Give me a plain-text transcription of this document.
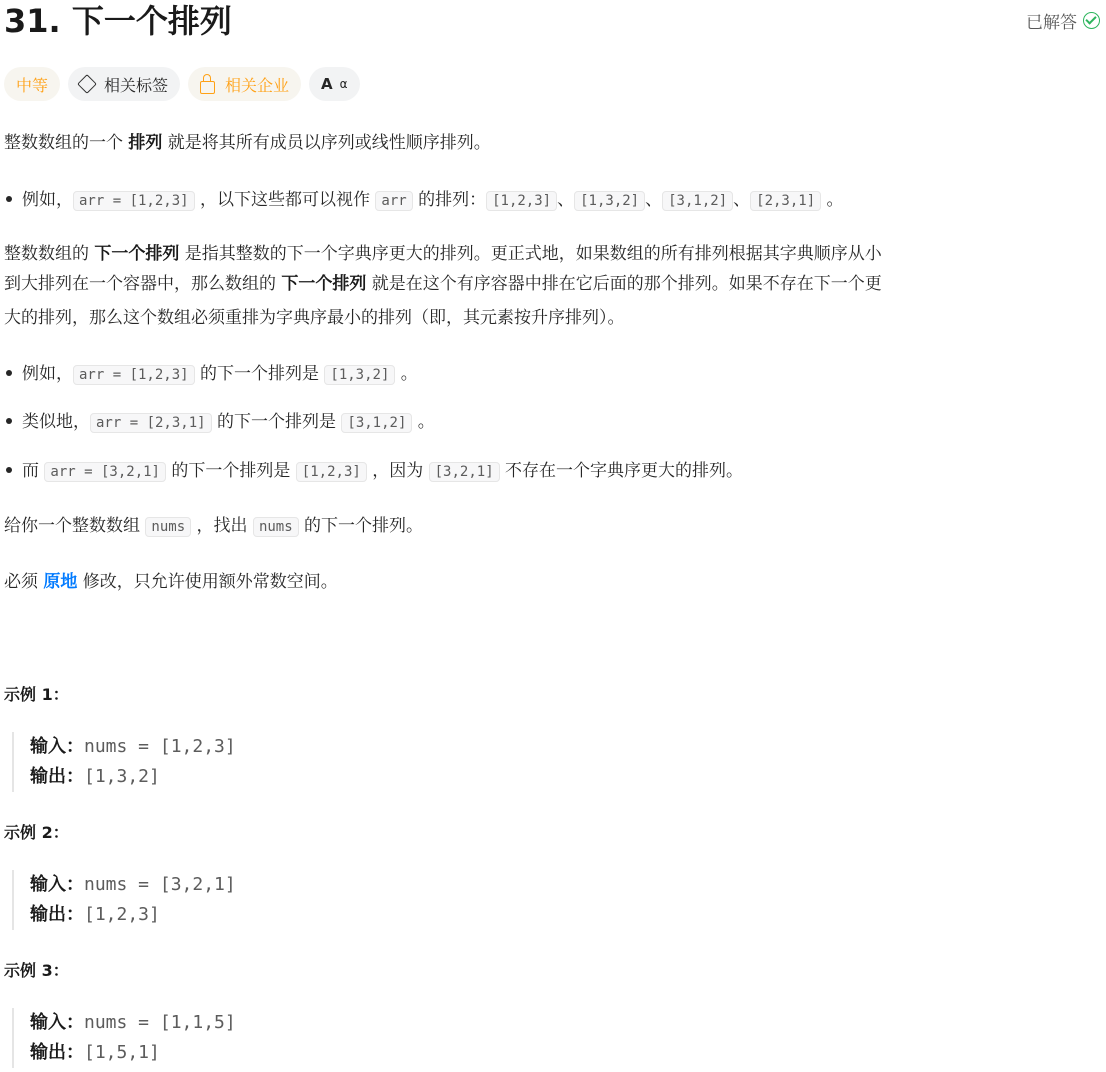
31. 下一个排列	已解答
中等	相关标签	相关企业 A α
整数数组的一个 排列 就是将其所有成员以序列或线性顺序排列。
例如， arr = [1,2,3] ，以下这些都可以视作 arr 的排列： [1,2,3] 、 [1,3,2] 、 [3,1,2] 、 [2,3,1] 。
整数数组的 下一个排列 是指其整数的下一个字典序更大的排列。更正式地，如果数组的所有排列根据其字典顺序从小
到大排列在一个容器中，那么数组的 下一个排列 就是在这个有序容器中排在它后面的那个排列。如果不存在下一个更
大的排列，那么这个数组必须重排为字典序最小的排列（即，其元素按升序排列）。
例如， arr = [1,2,3] 的下一个排列是 [1,3,2] 。
类似地， arr = [2,3,1] 的下一个排列是 [3,1,2] 。
而 arr = [3,2,1] 的下一个排列是 [1,2,3] ，因为 [3,2,1] 不存在一个字典序更大的排列。
给你一个整数数组 nums ，找出 nums 的下一个排列。
必须 原地 修改，只允许使用额外常数空间。
示例 1：
输入：nums = [1,2,3]
输出：[1,3,2]
示例 2：
输入：nums = [3,2,1]
输出：[1,2,3]
示例 3：
输入：nums = [1,1,5]
输出：[1,5,1]
